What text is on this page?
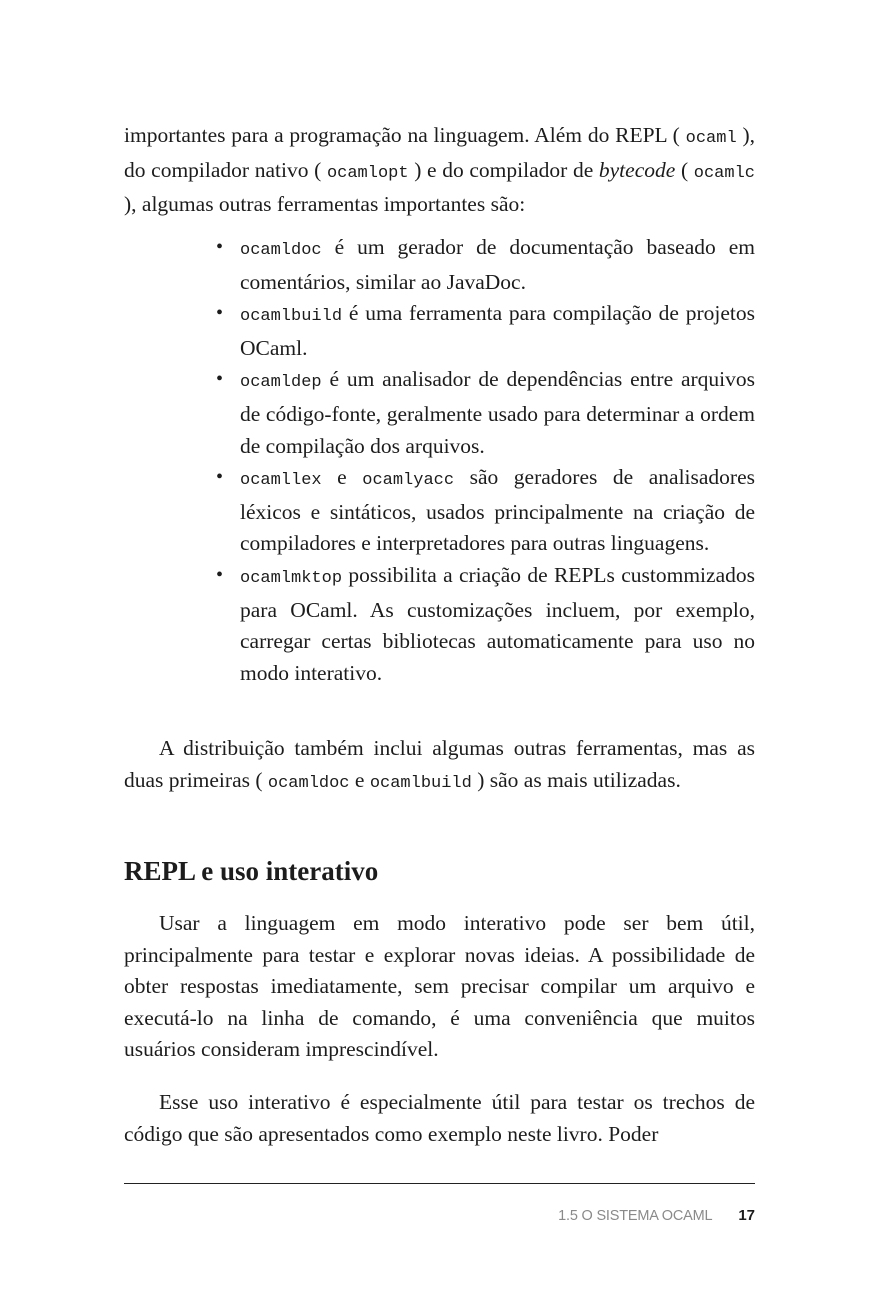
importantes para a programação na linguagem. Além do REPL ( ocaml ), do compilador nativo ( ocamlopt ) e do compilador de bytecode ( ocamlc ), algumas outras ferramentas importantes são:

• ocamldoc é um gerador de documentação baseado em comentários, similar ao JavaDoc.
• ocamlbuild é uma ferramenta para compilação de projetos OCaml.
• ocamldep é um analisador de dependências entre arquivos de código-fonte, geralmente usado para determinar a ordem de compilação dos arquivos.
• ocamllex e ocamlyacc são geradores de analisadores léxicos e sintáticos, usados principalmente na criação de compiladores e interpretadores para outras linguagens.
• ocamlmktop possibilita a criação de REPLs custommizados para OCaml. As customizações incluem, por exemplo, carregar certas bibliotecas automaticamente para uso no modo interativo.

A distribuição também inclui algumas outras ferramentas, mas as duas primeiras ( ocamldoc e ocamlbuild ) são as mais utilizadas.

REPL e uso interativo

Usar a linguagem em modo interativo pode ser bem útil, principalmente para testar e explorar novas ideias. A possibilidade de obter respostas imediatamente, sem precisar compilar um arquivo e executá-lo na linha de comando, é uma conveniência que muitos usuários consideram imprescindível.

Esse uso interativo é especialmente útil para testar os trechos de código que são apresentados como exemplo neste livro. Poder

1.5 O SISTEMA OCAML 17
